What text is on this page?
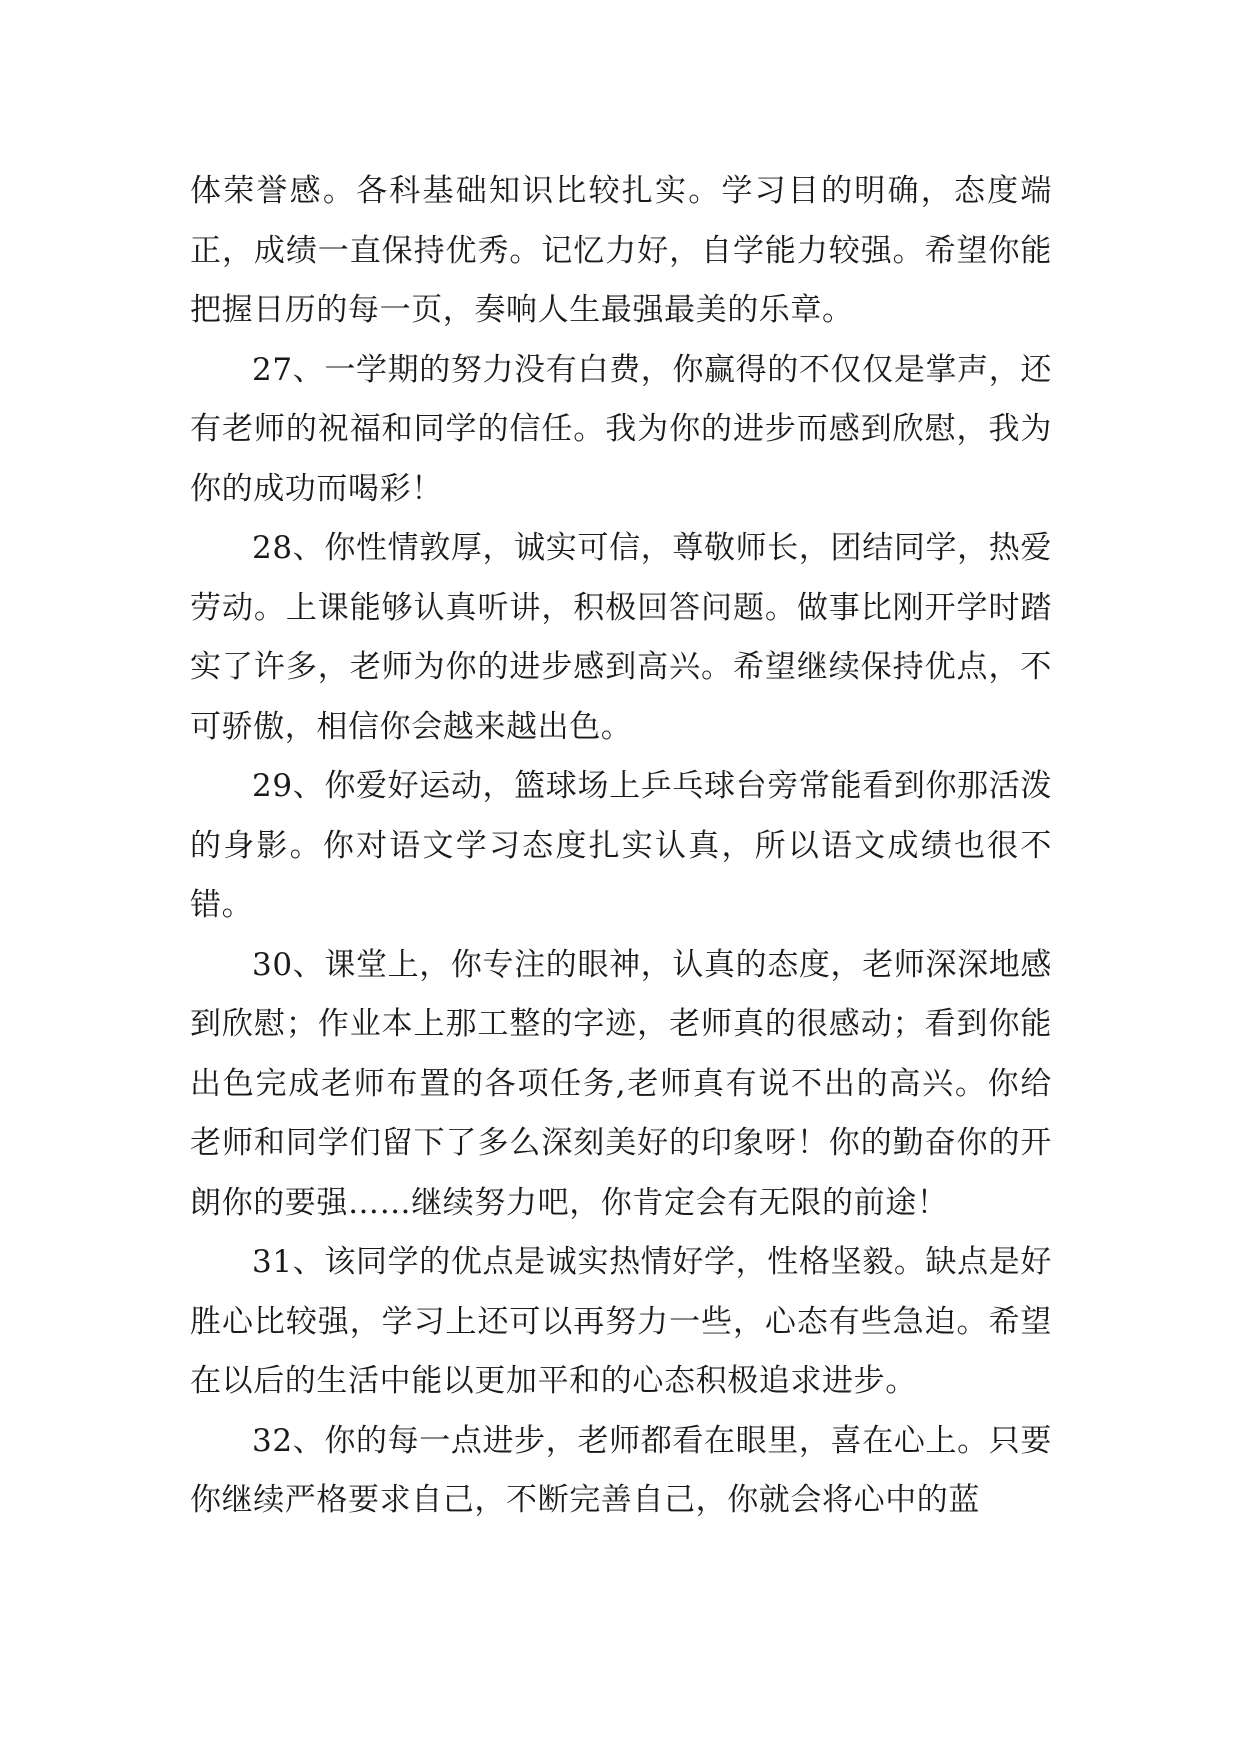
体荣誉感。各科基础知识比较扎实。学习目的明确，态度端正，成绩一直保持优秀。记忆力好，自学能力较强。希望你能把握日历的每一页，奏响人生最强最美的乐章。

27、一学期的努力没有白费，你赢得的不仅仅是掌声，还有老师的祝福和同学的信任。我为你的进步而感到欣慰，我为你的成功而喝彩！

28、你性情敦厚，诚实可信，尊敬师长，团结同学，热爱劳动。上课能够认真听讲，积极回答问题。做事比刚开学时踏实了许多，老师为你的进步感到高兴。希望继续保持优点，不可骄傲，相信你会越来越出色。

29、你爱好运动，篮球场上乒乓球台旁常能看到你那活泼的身影。你对语文学习态度扎实认真，所以语文成绩也很不错。

30、课堂上，你专注的眼神，认真的态度，老师深深地感到欣慰；作业本上那工整的字迹，老师真的很感动；看到你能出色完成老师布置的各项任务,老师真有说不出的高兴。你给老师和同学们留下了多么深刻美好的印象呀！你的勤奋你的开朗你的要强……继续努力吧，你肯定会有无限的前途！

31、该同学的优点是诚实热情好学，性格坚毅。缺点是好胜心比较强，学习上还可以再努力一些，心态有些急迫。希望在以后的生活中能以更加平和的心态积极追求进步。

32、你的每一点进步，老师都看在眼里，喜在心上。只要你继续严格要求自己，不断完善自己，你就会将心中的蓝
